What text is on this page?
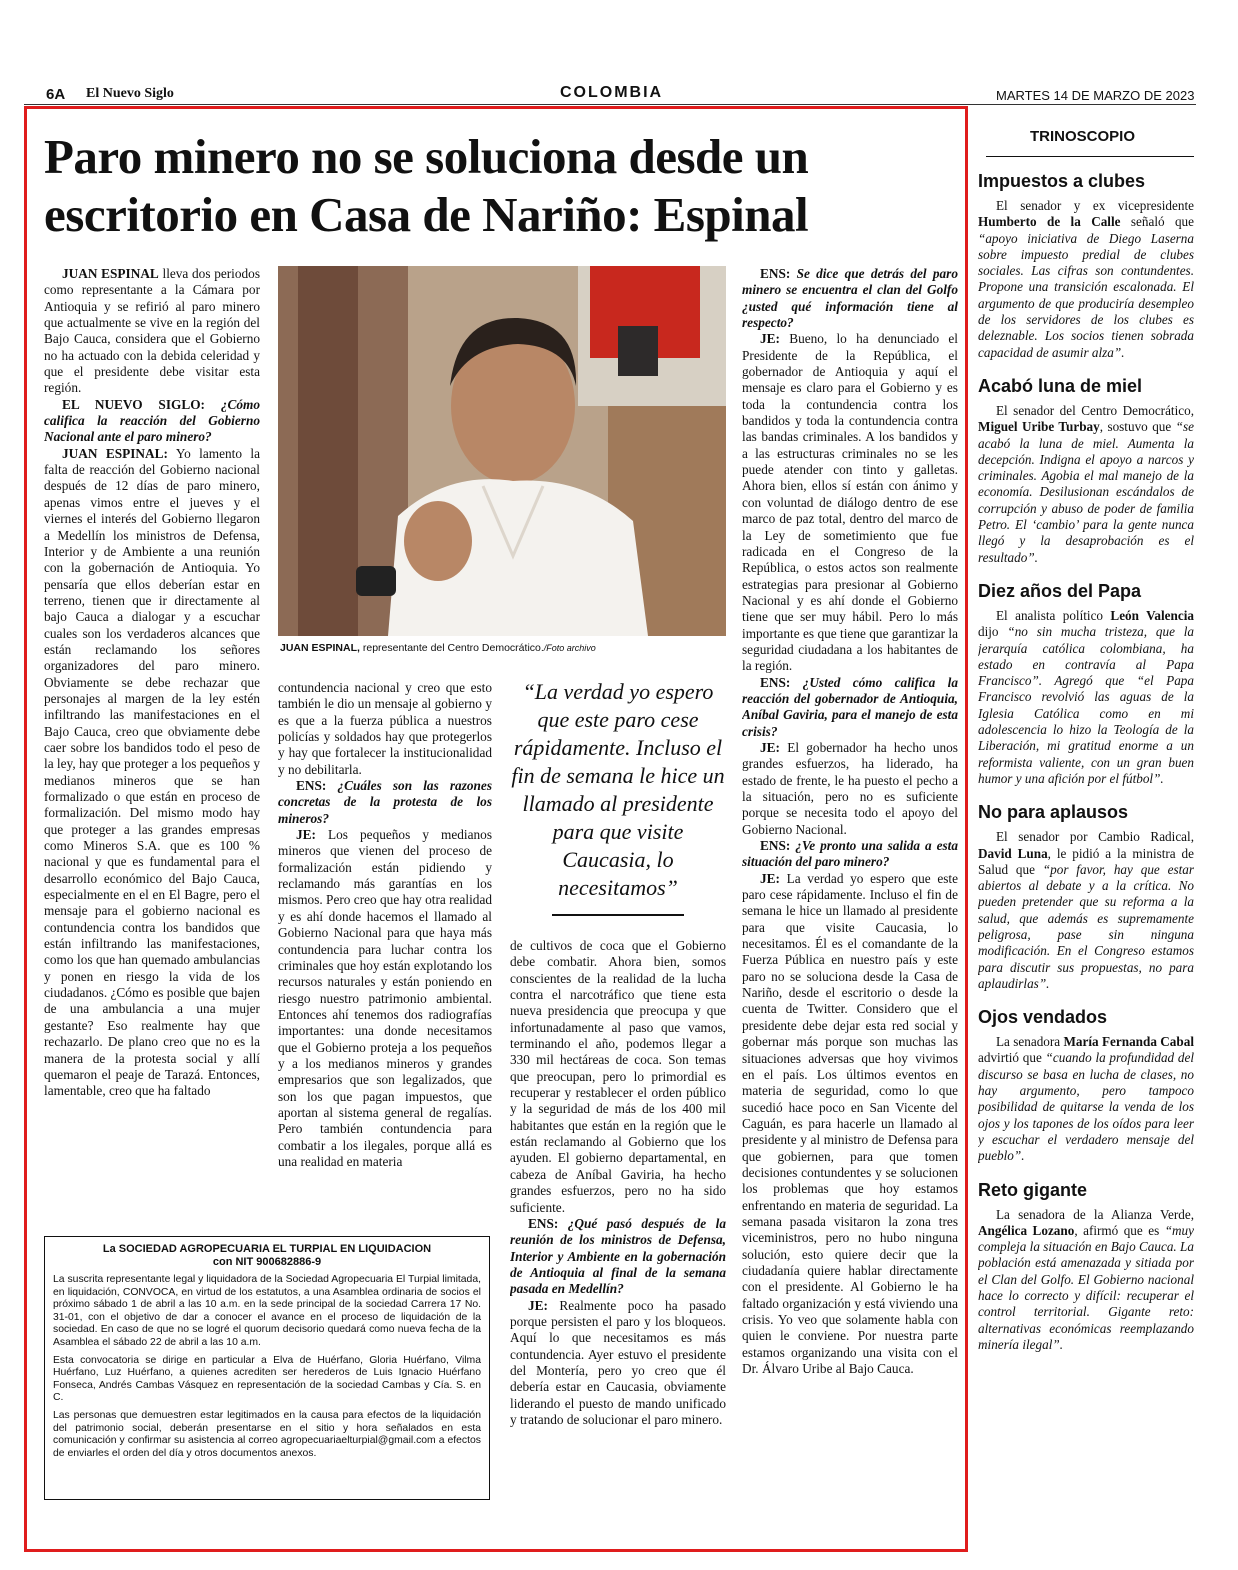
6A El Nuevo Siglo	COLOMBIA	MARTES 14 DE MARZO DE 2023
Paro minero no se soluciona desde un escritorio en Casa de Nariño: Espinal

JUAN ESPINAL lleva dos periodos como representante a la Cámara por Antioquia y se refirió al paro minero que actualmente se vive en la región del Bajo Cauca, considera que el Gobierno no ha actuado con la debida celeridad y que el presidente debe visitar esta región.

EL NUEVO SIGLO: ¿Cómo califica la reacción del Gobierno Nacional ante el paro minero?

JUAN ESPINAL: Yo lamento la falta de reacción del Gobierno nacional después de 12 días de paro minero, apenas vimos entre el jueves y el viernes el interés del Gobierno llegaron a Medellín los ministros de Defensa, Interior y de Ambiente a una reunión con la gobernación de Antioquia. Yo pensaría que ellos deberían estar en terreno, tienen que ir directamente al bajo Cauca a dialogar y a escuchar cuales son los verdaderos alcances que están reclamando los señores organizadores del paro minero. Obviamente se debe rechazar que personajes al margen de la ley estén infiltrando las manifestaciones en el Bajo Cauca, creo que obviamente debe caer sobre los bandidos todo el peso de la ley, hay que proteger a los pequeños y medianos mineros que se han formalizado o que están en proceso de formalización. Del mismo modo hay que proteger a las grandes empresas como Mineros S.A. que es 100 % nacional y que es fundamental para el desarrollo económico del Bajo Cauca, especialmente en el en El Bagre, pero el mensaje para el gobierno nacional es contundencia contra los bandidos que están infiltrando las manifestaciones, como los que han quemado ambulancias y ponen en riesgo la vida de los ciudadanos. ¿Cómo es posible que bajen de una ambulancia a una mujer gestante? Eso realmente hay que rechazarlo. De plano creo que no es la manera de la protesta social y allí quemaron el peaje de Tarazá. Entonces, lamentable, creo que ha faltado

JUAN ESPINAL, representante del Centro Democrático./Foto archivo

contundencia nacional y creo que esto también le dio un mensaje al gobierno y es que a la fuerza pública a nuestros policías y soldados hay que protegerlos y hay que fortalecer la institucionalidad y no debilitarla.

ENS: ¿Cuáles son las razones concretas de la protesta de los mineros?

JE: Los pequeños y medianos mineros que vienen del proceso de formalización están pidiendo y reclamando más garantías en los mismos. Pero creo que hay otra realidad y es ahí donde hacemos el llamado al Gobierno Nacional para que haya más contundencia para luchar contra los criminales que hoy están explotando los recursos naturales y están poniendo en riesgo nuestro patrimonio ambiental. Entonces ahí tenemos dos radiografías importantes: una donde necesitamos que el Gobierno proteja a los pequeños y a los medianos mineros y grandes empresarios que son legalizados, que son los que pagan impuestos, que aportan al sistema general de regalías. Pero también contundencia para combatir a los ilegales, porque allá es una realidad en materia

“La verdad yo espero que este paro cese rápidamente. Incluso el fin de semana le hice un llamado al presidente para que visite Caucasia, lo necesitamos”

de cultivos de coca que el Gobierno debe combatir. Ahora bien, somos conscientes de la realidad de la lucha contra el narcotráfico que tiene esta nueva presidencia que preocupa y que infortunadamente al paso que vamos, terminando el año, podemos llegar a 330 mil hectáreas de coca. Son temas que preocupan, pero lo primordial es recuperar y restablecer el orden público y la seguridad de más de los 400 mil habitantes que están en la región que le están reclamando al Gobierno que los ayuden. El gobierno departamental, en cabeza de Aníbal Gaviria, ha hecho grandes esfuerzos, pero no ha sido suficiente.

ENS: ¿Qué pasó después de la reunión de los ministros de Defensa, Interior y Ambiente en la gobernación de Antioquia al final de la semana pasada en Medellín?

JE: Realmente poco ha pasado porque persisten el paro y los bloqueos. Aquí lo que necesitamos es más contundencia. Ayer estuvo el presidente del Montería, pero yo creo que él debería estar en Caucasia, obviamente liderando el puesto de mando unificado y tratando de solucionar el paro minero.

ENS: Se dice que detrás del paro minero se encuentra el clan del Golfo ¿usted qué información tiene al respecto?

JE: Bueno, lo ha denunciado el Presidente de la República, el gobernador de Antioquia y aquí el mensaje es claro para el Gobierno y es toda la contundencia contra los bandidos y toda la contundencia contra las bandas criminales. A los bandidos y a las estructuras criminales no se les puede atender con tinto y galletas. Ahora bien, ellos sí están con ánimo y con voluntad de diálogo dentro de ese marco de paz total, dentro del marco de la Ley de sometimiento que fue radicada en el Congreso de la República, o estos actos son realmente estrategias para presionar al Gobierno Nacional y es ahí donde el Gobierno tiene que ser muy hábil. Pero lo más importante es que tiene que garantizar la seguridad ciudadana a los habitantes de la región.

ENS: ¿Usted cómo califica la reacción del gobernador de Antioquia, Aníbal Gaviria, para el manejo de esta crisis?

JE: El gobernador ha hecho unos grandes esfuerzos, ha liderado, ha estado de frente, le ha puesto el pecho a la situación, pero no es suficiente porque se necesita todo el apoyo del Gobierno Nacional.

ENS: ¿Ve pronto una salida a esta situación del paro minero?

JE: La verdad yo espero que este paro cese rápidamente. Incluso el fin de semana le hice un llamado al presidente para que visite Caucasia, lo necesitamos. Él es el comandante de la Fuerza Pública en nuestro país y este paro no se soluciona desde la Casa de Nariño, desde el escritorio o desde la cuenta de Twitter. Considero que el presidente debe dejar esta red social y gobernar más porque son muchas las situaciones adversas que hoy vivimos en el país. Los últimos eventos en materia de seguridad, como lo que sucedió hace poco en San Vicente del Caguán, es para hacerle un llamado al presidente y al ministro de Defensa para que gobiernen, para que tomen decisiones contundentes y se solucionen los problemas que hoy estamos enfrentando en materia de seguridad. La semana pasada visitaron la zona tres viceministros, pero no hubo ninguna solución, esto quiere decir que la ciudadanía quiere hablar directamente con el presidente. Al Gobierno le ha faltado organización y está viviendo una crisis. Yo veo que solamente habla con quien le conviene. Por nuestra parte estamos organizando una visita con el Dr. Álvaro Uribe al Bajo Cauca.

La SOCIEDAD AGROPECUARIA EL TURPIAL EN LIQUIDACION
con NIT 900682886-9

La suscrita representante legal y liquidadora de la Sociedad Agropecuaria El Turpial limitada, en liquidación, CONVOCA, en virtud de los estatutos, a una Asamblea ordinaria de socios el próximo sábado 1 de abril a las 10 a.m. en la sede principal de la sociedad Carrera 17 No. 31-01, con el objetivo de dar a conocer el avance en el proceso de liquidación de la sociedad. En caso de que no se logré el quorum decisorio quedará como nueva fecha de la Asamblea el sábado 22 de abril a las 10 a.m.

Esta convocatoria se dirige en particular a Elva de Huérfano, Gloria Huérfano, Vilma Huérfano, Luz Huérfano, a quienes acrediten ser herederos de Luis Ignacio Huérfano Fonseca, Andrés Cambas Vásquez en representación de la sociedad Cambas y Cía. S. en C.

Las personas que demuestren estar legitimados en la causa para efectos de la liquidación del patrimonio social, deberán presentarse en el sitio y hora señalados en esta comunicación y confirmar su asistencia al correo agropecuariaelturpial@gmail.com a efectos de enviarles el orden del día y otros documentos anexos.

TRINOSCOPIO
Impuestos a clubes

El senador y ex vicepresidente Humberto de la Calle señaló que “apoyo iniciativa de Diego Laserna sobre impuesto predial de clubes sociales. Las cifras son contundentes. Propone una transición escalonada. El argumento de que produciría desempleo de los servidores de los clubes es deleznable. Los socios tienen sobrada capacidad de asumir alza”.

Acabó luna de miel

El senador del Centro Democrático, Miguel Uribe Turbay, sostuvo que “se acabó la luna de miel. Aumenta la decepción. Indigna el apoyo a narcos y criminales. Agobia el mal manejo de la economía. Desilusionan escándalos de corrupción y abuso de poder de familia Petro. El ‘cambio’ para la gente nunca llegó y la desaprobación es el resultado”.

Diez años del Papa

El analista político León Valencia dijo “no sin mucha tristeza, que la jerarquía católica colombiana, ha estado en contravía al Papa Francisco”. Agregó que “el Papa Francisco revolvió las aguas de la Iglesia Católica como en mi adolescencia lo hizo la Teología de la Liberación, mi gratitud enorme a un reformista valiente, con un gran buen humor y una afición por el fútbol”.

No para aplausos

El senador por Cambio Radical, David Luna, le pidió a la ministra de Salud que “por favor, hay que estar abiertos al debate y a la crítica. No pueden pretender que su reforma a la salud, que además es supremamente peligrosa, pase sin ninguna modificación. En el Congreso estamos para discutir sus propuestas, no para aplaudirlas”.

Ojos vendados

La senadora María Fernanda Cabal advirtió que “cuando la profundidad del discurso se basa en lucha de clases, no hay argumento, pero tampoco posibilidad de quitarse la venda de los ojos y los tapones de los oídos para leer y escuchar el verdadero mensaje del pueblo”.

Reto gigante

La senadora de la Alianza Verde, Angélica Lozano, afirmó que es “muy compleja la situación en Bajo Cauca. La población está amenazada y sitiada por el Clan del Golfo. El Gobierno nacional hace lo correcto y difícil: recuperar el control territorial. Gigante reto: alternativas económicas reemplazando minería ilegal”.
